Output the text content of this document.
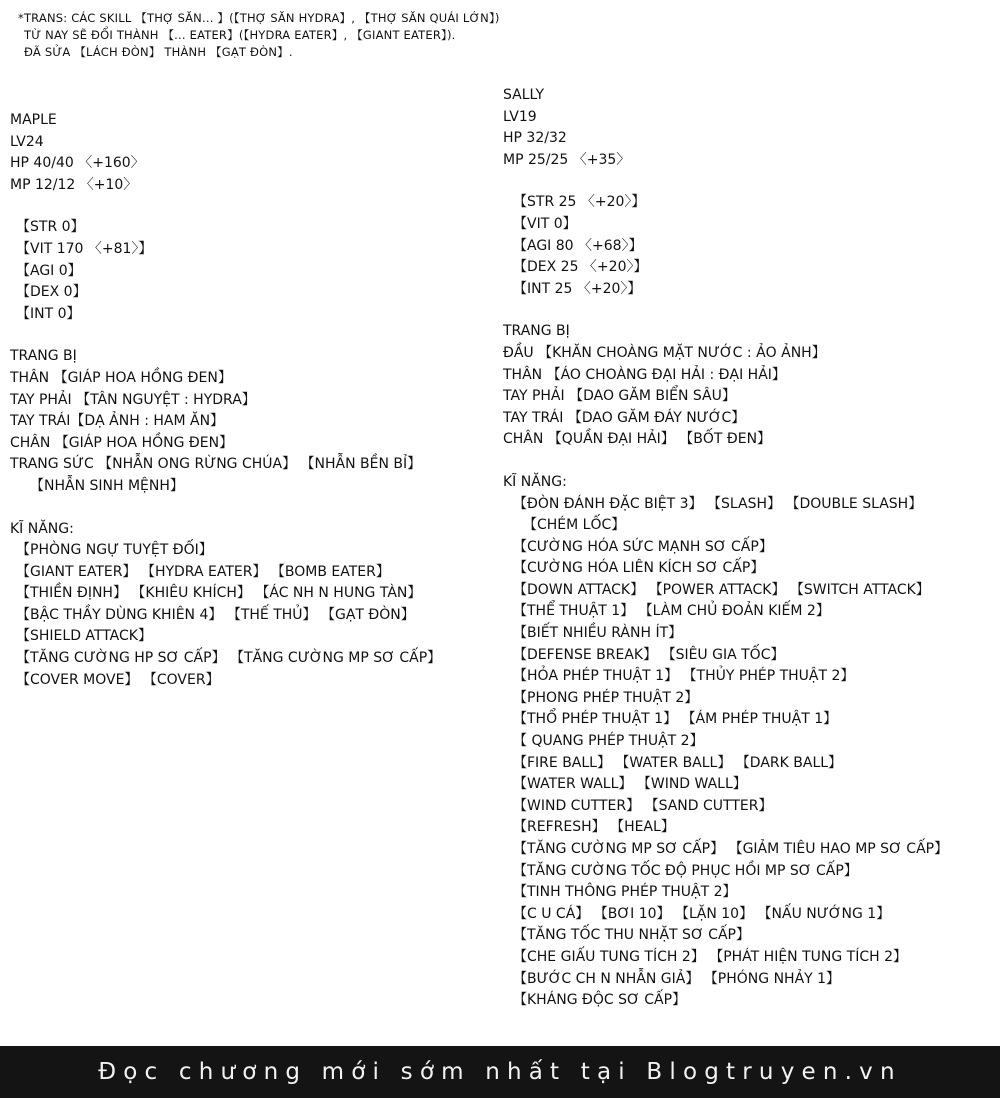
*TRANS: CÁC SKILL 【THỢ SĂN... 】(【THỢ SĂN HYDRA】, 【THỢ SĂN QUÁI LỚN】)
TỪ NAY SẼ ĐỔI THÀNH 【... EATER】(【HYDRA EATER】, 【GIANT EATER】).
ĐÃ SỬA 【LÁCH ĐÒN】 THÀNH 【GẠT ĐÒN】.
MAPLE
LV24
HP 40/40 〈+160〉
MP 12/12 〈+10〉
【STR 0】
【VIT 170 〈+81〉】
【AGI 0】
【DEX 0】
【INT 0】
TRANG BỊ
THÂN 【GIÁP HOA HỒNG ĐEN】
TAY PHẢI 【TÂN NGUYỆT : HYDRA】
TAY TRÁI【DẠ ẢNH : HAM ĂN】
CHÂN 【GIÁP HOA HỒNG ĐEN】
TRANG SỨC 【NHẪN ONG RỪNG CHÚA】 【NHẪN BỀN BỈ】
【NHẪN SINH MỆNH】
KĨ NĂNG:
【PHÒNG NGỰ TUYỆT ĐỐI】
【GIANT EATER】 【HYDRA EATER】 【BOMB EATER】
【THIỀN ĐỊNH】 【KHIÊU KHÍCH】 【ÁC NH N HUNG TÀN】
【BẬC THẦY DÙNG KHIÊN 4】 【THẾ THỦ】 【GẠT ĐÒN】
【SHIELD ATTACK】
【TĂNG CƯỜNG HP SƠ CẤP】 【TĂNG CƯỜNG MP SƠ CẤP】
【COVER MOVE】 【COVER】
SALLY
LV19
HP 32/32
MP 25/25 〈+35〉
【STR 25 〈+20〉】
【VIT 0】
【AGI 80 〈+68〉】
【DEX 25 〈+20〉】
【INT 25 〈+20〉】
TRANG BỊ
ĐẦU 【KHĂN CHOÀNG MẶT NƯỚC : ẢO ẢNH】
THÂN 【ÁO CHOÀNG ĐẠI HẢI : ĐẠI HẢI】
TAY PHẢI 【DAO GĂM BIỂN SÂU】
TAY TRÁI 【DAO GĂM ĐÁY NƯỚC】
CHÂN 【QUẦN ĐẠI HẢI】 【BỐT ĐEN】
KĨ NĂNG:
【ĐÒN ĐÁNH ĐẶC BIỆT 3】 【SLASH】 【DOUBLE SLASH】
【CHÉM LỐC】
【CƯỜNG HÓA SỨC MẠNH SƠ CẤP】
【CƯỜNG HÓA LIÊN KÍCH SƠ CẤP】
【DOWN ATTACK】 【POWER ATTACK】 【SWITCH ATTACK】
【THỂ THUẬT 1】 【LÀM CHỦ ĐOẢN KIẾM 2】
【BIẾT NHIỀU RÀNH ÍT】
【DEFENSE BREAK】 【SIÊU GIA TỐC】
【HỎA PHÉP THUẬT 1】 【THỦY PHÉP THUẬT 2】
【PHONG PHÉP THUẬT 2】
【THỔ PHÉP THUẬT 1】 【ÁM PHÉP THUẬT 1】
【 QUANG PHÉP THUẬT 2】
【FIRE BALL】 【WATER BALL】 【DARK BALL】
【WATER WALL】 【WIND WALL】
【WIND CUTTER】 【SAND CUTTER】
【REFRESH】 【HEAL】
【TĂNG CƯỜNG MP SƠ CẤP】 【GIẢM TIÊU HAO MP SƠ CẤP】
【TĂNG CƯỜNG TỐC ĐỘ PHỤC HỒI MP SƠ CẤP】
【TINH THÔNG PHÉP THUẬT 2】
【C U CÁ】 【BƠI 10】 【LẶN 10】 【NẤU NƯỚNG 1】
【TĂNG TỐC THU NHẶT SƠ CẤP】
【CHE GIẤU TUNG TÍCH 2】 【PHÁT HIỆN TUNG TÍCH 2】
【BƯỚC CH N NHẪN GIẢ】 【PHÓNG NHẢY 1】
【KHÁNG ĐỘC SƠ CẤP】
Đọc chương mới sớm nhất tại Blogtruyen.vn
